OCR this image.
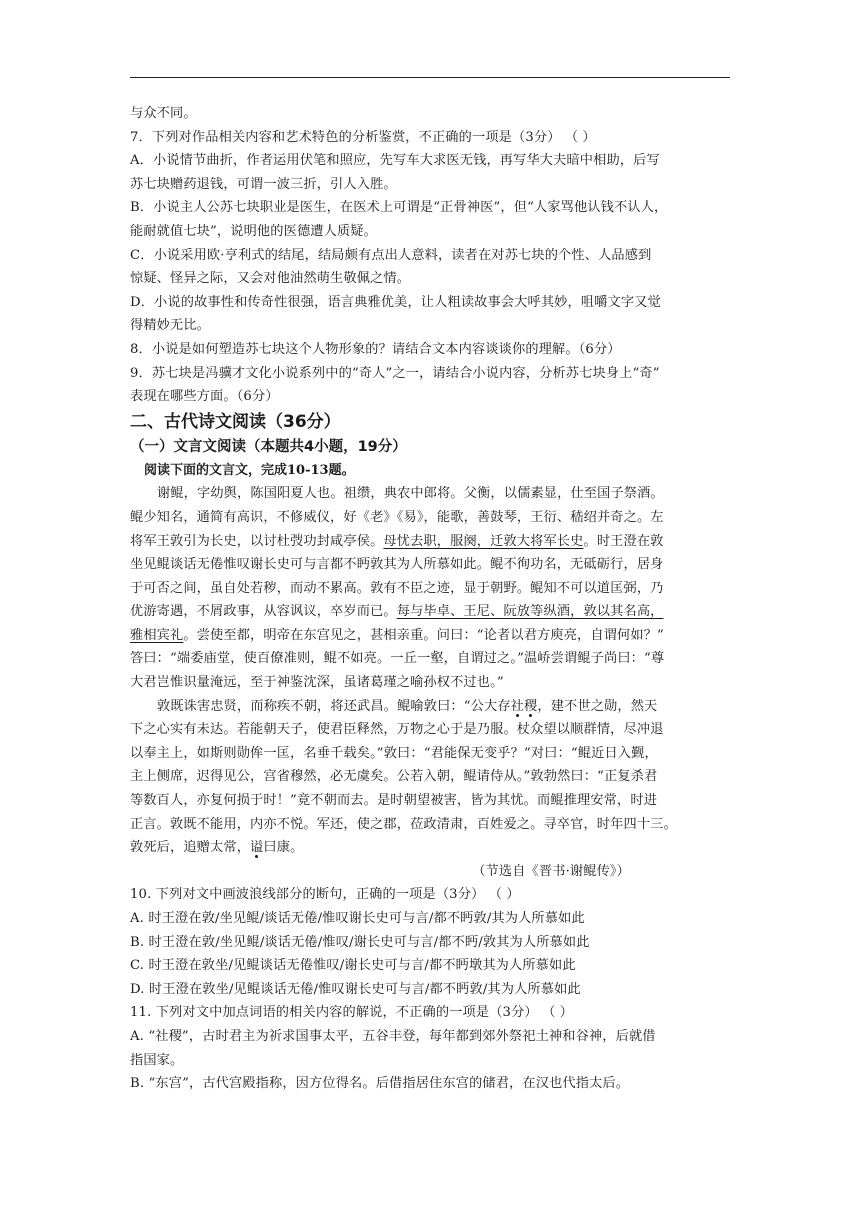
与众不同。
7．下列对作品相关内容和艺术特色的分析鉴赏，不正确的一项是（3分） （ ）
A．小说情节曲折，作者运用伏笔和照应，先写车大求医无钱，再写华大夫暗中相助，后写
苏七块赠药退钱，可谓一波三折，引人入胜。
B．小说主人公苏七块职业是医生，在医术上可谓是“正骨神医”，但“人家骂他认钱不认人，
能耐就值七块”，说明他的医德遭人质疑。
C．小说采用欧·亨利式的结尾，结局颇有点出人意料，读者在对苏七块的个性、人品感到
惊疑、怪异之际，又会对他油然萌生敬佩之情。
D．小说的故事性和传奇性很强，语言典雅优美，让人粗读故事会大呼其妙，咀嚼文字又觉
得精妙无比。
8．小说是如何塑造苏七块这个人物形象的？请结合文本内容谈谈你的理解。（6分）
9．苏七块是冯骥才文化小说系列中的“奇人”之一，请结合小说内容，分析苏七块身上“奇”
表现在哪些方面。（6分）
二、古代诗文阅读（36分）
（一）文言文阅读（本题共4小题，19分）
阅读下面的文言文，完成10-13题。
谢鲲，字幼舆，陈国阳夏人也。祖缵，典农中郎将。父衡，以儒素显，仕至国子祭酒。
鲲少知名，通简有高识，不修威仪，好《老》《易》，能歌，善鼓琴，王衍、嵇绍并奇之。左
将军王敦引为长史，以讨杜弢功封咸亭侯。母忧去职，服阕，迁敦大将军长史。时王澄在敦
坐见鲲谈话无倦惟叹谢长史可与言都不眄敦其为人所慕如此。鲲不徇功名，无砥砺行，居身
于可否之间，虽自处若秽，而动不累高。敦有不臣之迹，显于朝野。鲲知不可以道匡弼，乃
优游寄遇，不屑政事，从容讽议，卒岁而已。每与毕卓、王尼、阮放等纵酒，敦以其名高，
雅相宾礼。尝使至都，明帝在东宫见之，甚相亲重。问曰：“论者以君方庾亮，自谓何如？”
答曰：“端委庙堂，使百僚准则，鲲不如亮。一丘一壑，自谓过之。”温峤尝谓鲲子尚曰：“尊
大君岂惟识量淹远，至于神鉴沈深，虽诸葛瑾之喻孙权不过也。”
敦既诛害忠贤，而称疾不朝，将还武昌。鲲喻敦曰：“公大存社稷，建不世之勋，然天
下之心实有未达。若能朝天子，使君臣释然，万物之心于是乃服。杖众望以顺群情，尽冲退
以奉主上，如斯则勋侔一匡，名垂千载矣。”敦曰：“君能保无变乎？”对曰：“鲲近日入觐，
主上侧席，迟得见公，宫省穆然，必无虞矣。公若入朝，鲲请侍从。”敦勃然曰：“正复杀君
等数百人，亦复何损于时！”竟不朝而去。是时朝望被害，皆为其忧。而鲲推理安常，时进
正言。敦既不能用，内亦不悦。军还，使之郡，莅政清肃，百姓爱之。寻卒官，时年四十三。
敦死后，追赠太常，谥曰康。
（节选自《晋书·谢鲲传》）
10. 下列对文中画波浪线部分的断句，正确的一项是（3分） （ ）
A. 时王澄在敦/坐见鲲/谈话无倦/惟叹谢长史可与言/都不眄敦/其为人所慕如此
B. 时王澄在敦/坐见鲲/谈话无倦/惟叹/谢长史可与言/都不眄/敦其为人所慕如此
C. 时王澄在敦坐/见鲲谈话无倦惟叹/谢长史可与言/都不眄墩其为人所慕如此
D. 时王澄在敦坐/见鲲谈话无倦/惟叹谢长史可与言/都不眄敦/其为人所慕如此
11. 下列对文中加点词语的相关内容的解说，不正确的一项是（3分） （ ）
A. “社稷”，古时君主为祈求国事太平，五谷丰登，每年都到郊外祭祀土神和谷神，后就借
指国家。
B. “东宫”，古代宫殿指称，因方位得名。后借指居住东宫的储君，在汉也代指太后。
